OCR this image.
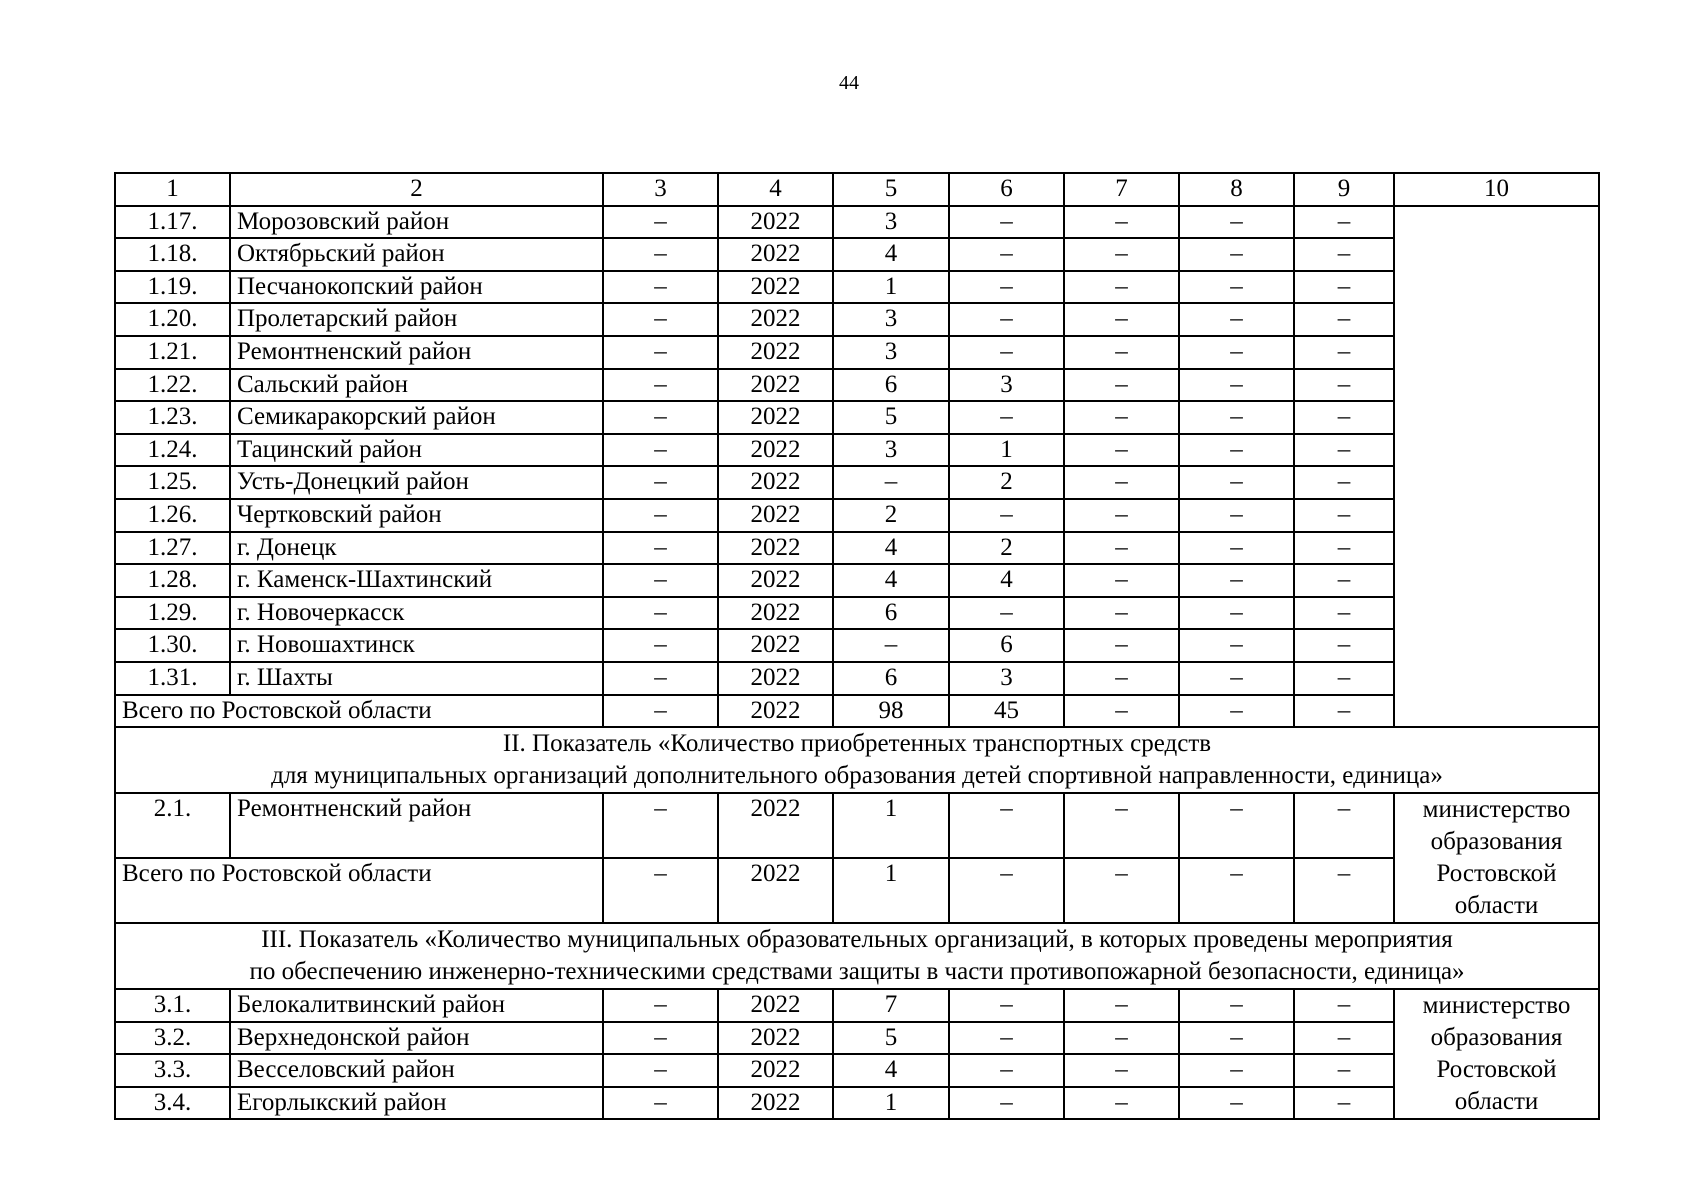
44
1	2	3	4	5	6	7	8	9	10
1.17.	Морозовский район	–	2022	3	–	–	–	–	
1.18.	Октябрьский район	–	2022	4	–	–	–	–	
1.19.	Песчанокопский район	–	2022	1	–	–	–	–	
1.20.	Пролетарский район	–	2022	3	–	–	–	–	
1.21.	Ремонтненский район	–	2022	3	–	–	–	–	
1.22.	Сальский район	–	2022	6	3	–	–	–	
1.23.	Семикаракорский район	–	2022	5	–	–	–	–	
1.24.	Тацинский район	–	2022	3	1	–	–	–	
1.25.	Усть-Донецкий район	–	2022	–	2	–	–	–	
1.26.	Чертковский район	–	2022	2	–	–	–	–	
1.27.	г. Донецк	–	2022	4	2	–	–	–	
1.28.	г. Каменск-Шахтинский	–	2022	4	4	–	–	–	
1.29.	г. Новочеркасск	–	2022	6	–	–	–	–	
1.30.	г. Новошахтинск	–	2022	–	6	–	–	–	
1.31.	г. Шахты	–	2022	6	3	–	–	–	
Всего по Ростовской области		–	2022	98	45	–	–	–	

II. Показатель «Количество приобретенных транспортных средств
для муниципальных организаций дополнительного образования детей спортивной направленности, единица»									

2.1.	Ремонтненский район	–	2022	1	–	–	–	–	министерство
образования
Ростовской
области

Всего по Ростовской области		–	2022	1	–	–	–	–	

III. Показатель «Количество муниципальных образовательных организаций, в которых проведены мероприятия
по обеспечению инженерно-техническими средствами защиты в части противопожарной безопасности, единица»									

3.1.	Белокалитвинский район	–	2022	7	–	–	–	–	министерство
образования
Ростовской
области

3.2.	Верхнедонской район	–	2022	5	–	–	–	–	
3.3.	Весселовский район	–	2022	4	–	–	–	–	
3.4.	Егорлыкский район	–	2022	1	–	–	–	–	
